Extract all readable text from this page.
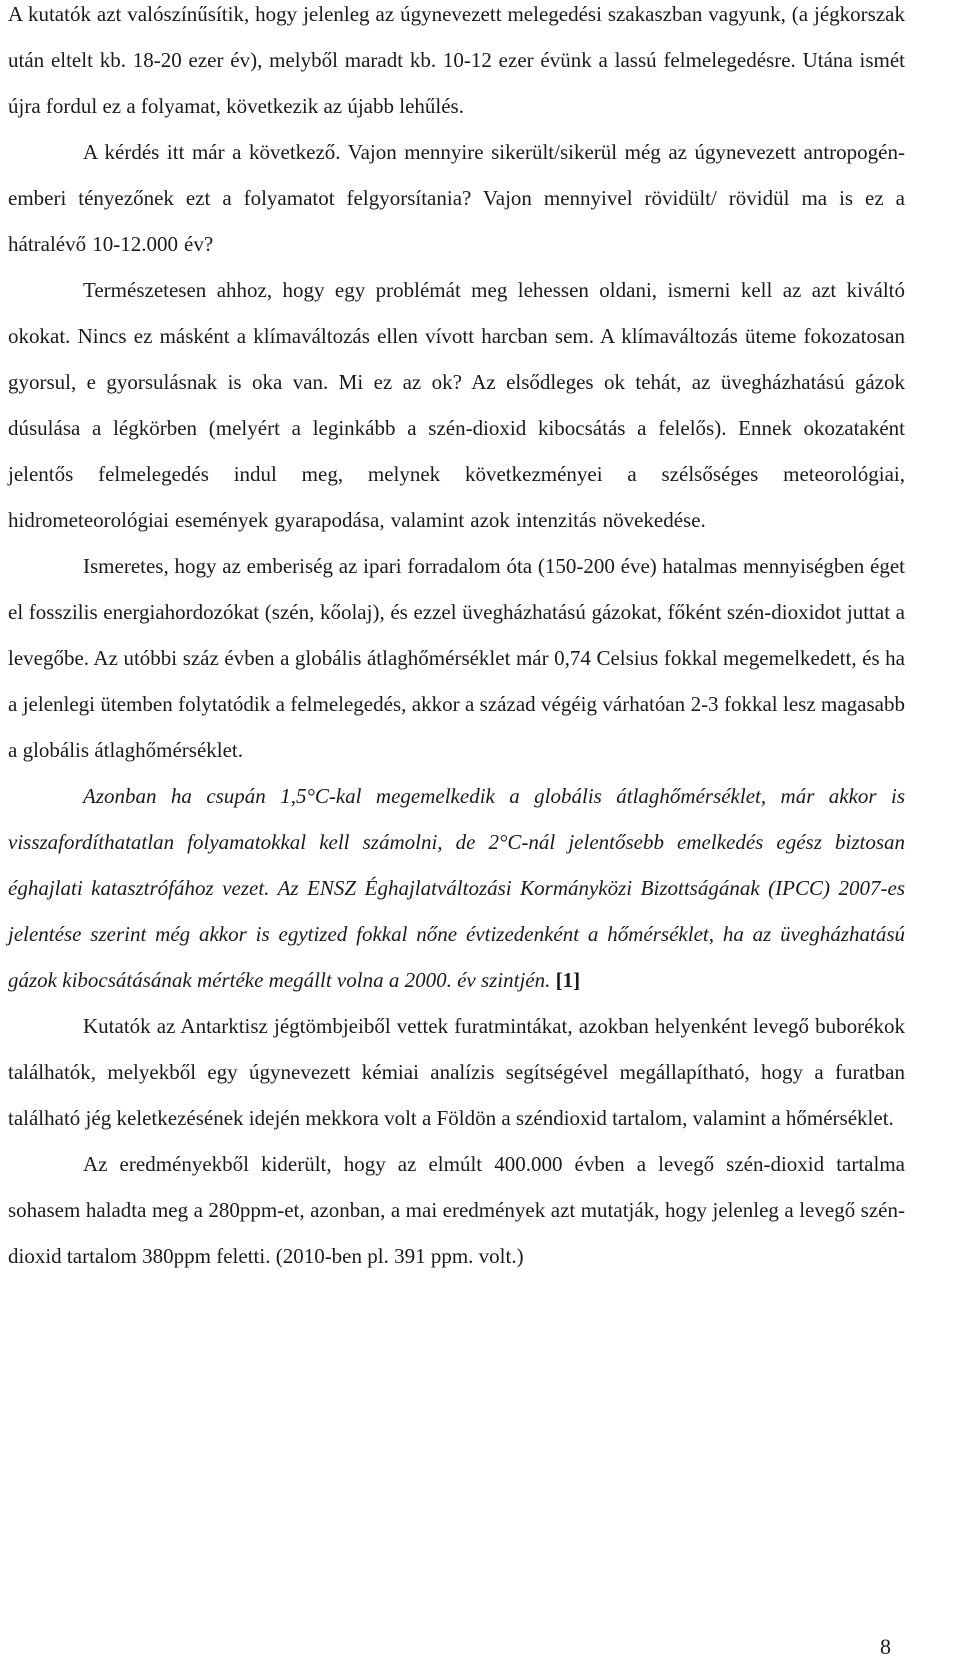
A kutatók azt valószínűsítik, hogy jelenleg az úgynevezett melegedési szakaszban vagyunk, (a jégkorszak után eltelt kb. 18-20 ezer év), melyből maradt kb. 10-12 ezer évünk a lassú felmelegedésre. Utána ismét újra fordul ez a folyamat, következik az újabb lehűlés.

A kérdés itt már a következő. Vajon mennyire sikerült/sikerül még az úgynevezett antropogén-emberi tényezőnek ezt a folyamatot felgyorsítania? Vajon mennyivel rövidült/ rövidül ma is ez a hátralévő 10-12.000 év?

Természetesen ahhoz, hogy egy problémát meg lehessen oldani, ismerni kell az azt kiváltó okokat. Nincs ez másként a klímaváltozás ellen vívott harcban sem. A klímaváltozás üteme fokozatosan gyorsul, e gyorsulásnak is oka van. Mi ez az ok? Az elsődleges ok tehát, az üvegházhatású gázok dúsulása a légkörben (melyért a leginkább a szén-dioxid kibocsátás a felelős). Ennek okozataként jelentős felmelegedés indul meg, melynek következményei a szélsőséges meteorológiai, hidrometeorológiai események gyarapodása, valamint azok intenzitás növekedése.

Ismeretes, hogy az emberiség az ipari forradalom óta (150-200 éve) hatalmas mennyiségben éget el fosszilis energiahordozókat (szén, kőolaj), és ezzel üvegházhatású gázokat, főként szén-dioxidot juttat a levegőbe. Az utóbbi száz évben a globális átlaghőmérséklet már 0,74 Celsius fokkal megemelkedett, és ha a jelenlegi ütemben folytatódik a felmelegedés, akkor a század végéig várhatóan 2-3 fokkal lesz magasabb a globális átlaghőmérséklet.

Azonban ha csupán 1,5°C-kal megemelkedik a globális átlaghőmérséklet, már akkor is visszafordíthatatlan folyamatokkal kell számolni, de 2°C-nál jelentősebb emelkedés egész biztosan éghajlati katasztrófához vezet. Az ENSZ Éghajlatváltozási Kormányközi Bizottságának (IPCC) 2007-es jelentése szerint még akkor is egytized fokkal nőne évtizedenként a hőmérséklet, ha az üvegházhatású gázok kibocsátásának mértéke megállt volna a 2000. év szintjén. [1]

Kutatók az Antarktisz jégtömbjeiből vettek furatmintákat, azokban helyenként levegő buborékok találhatók, melyekből egy úgynevezett kémiai analízis segítségével megállapítható, hogy a furatban található jég keletkezésének idején mekkora volt a Földön a széndioxid tartalom, valamint a hőmérséklet.

Az eredményekből kiderült, hogy az elmúlt 400.000 évben a levegő szén-dioxid tartalma sohasem haladta meg a 280ppm-et, azonban, a mai eredmények azt mutatják, hogy jelenleg a levegő szén-dioxid tartalom 380ppm feletti. (2010-ben pl. 391 ppm. volt.)

8
